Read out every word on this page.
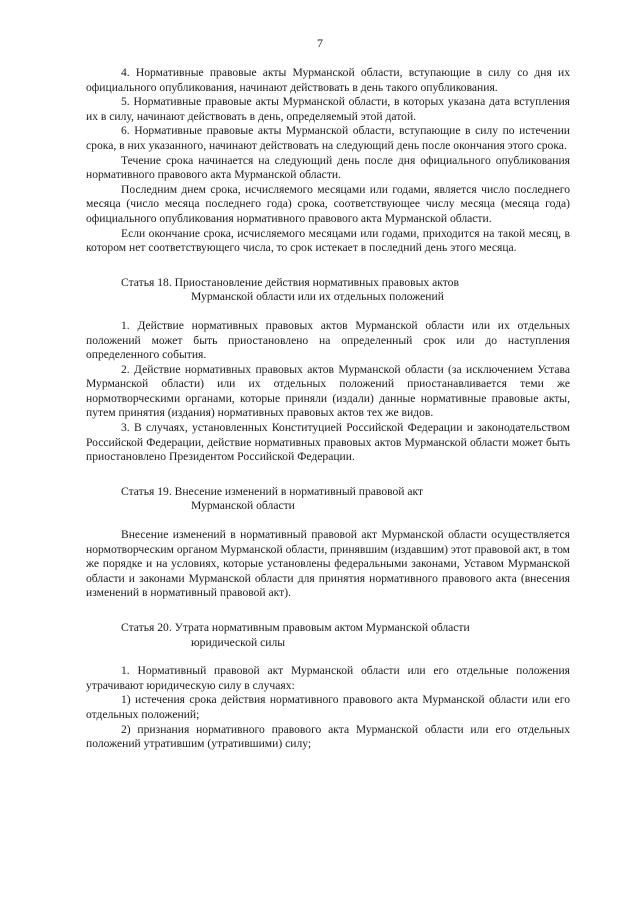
7

4. Нормативные правовые акты Мурманской области, вступающие в силу со дня их официального опубликования, начинают действовать в день такого опубликования.

5. Нормативные правовые акты Мурманской области, в которых указана дата вступления их в силу, начинают действовать в день, определяемый этой датой.

6. Нормативные правовые акты Мурманской области, вступающие в силу по истечении срока, в них указанного, начинают действовать на следующий день после окончания этого срока.

Течение срока начинается на следующий день после дня официального опубликования нормативного правового акта Мурманской области.

Последним днем срока, исчисляемого месяцами или годами, является число последнего месяца (число месяца последнего года) срока, соответствующее числу месяца (месяца года) официального опубликования нормативного правового акта Мурманской области.

Если окончание срока, исчисляемого месяцами или годами, приходится на такой месяц, в котором нет соответствующего числа, то срок истекает в последний день этого месяца.

Статья 18. Приостановление действия нормативных правовых актов
Мурманской области или их отдельных положений

1. Действие нормативных правовых актов Мурманской области или их отдельных положений может быть приостановлено на определенный срок или до наступления определенного события.

2. Действие нормативных правовых актов Мурманской области (за исключением Устава Мурманской области) или их отдельных положений приостанавливается теми же нормотворческими органами, которые приняли (издали) данные нормативные правовые акты, путем принятия (издания) нормативных правовых актов тех же видов.

3. В случаях, установленных Конституцией Российской Федерации и законодательством Российской Федерации, действие нормативных правовых актов Мурманской области может быть приостановлено Президентом Российской Федерации.

Статья 19. Внесение изменений в нормативный правовой акт
Мурманской области

Внесение изменений в нормативный правовой акт Мурманской области осуществляется нормотворческим органом Мурманской области, принявшим (издавшим) этот правовой акт, в том же порядке и на условиях, которые установлены федеральными законами, Уставом Мурманской области и законами Мурманской области для принятия нормативного правового акта (внесения изменений в нормативный правовой акт).

Статья 20. Утрата нормативным правовым актом Мурманской области
юридической силы

1. Нормативный правовой акт Мурманской области или его отдельные положения утрачивают юридическую силу в случаях:

1) истечения срока действия нормативного правового акта Мурманской области или его отдельных положений;

2) признания нормативного правового акта Мурманской области или его отдельных положений утратившим (утратившими) силу;
